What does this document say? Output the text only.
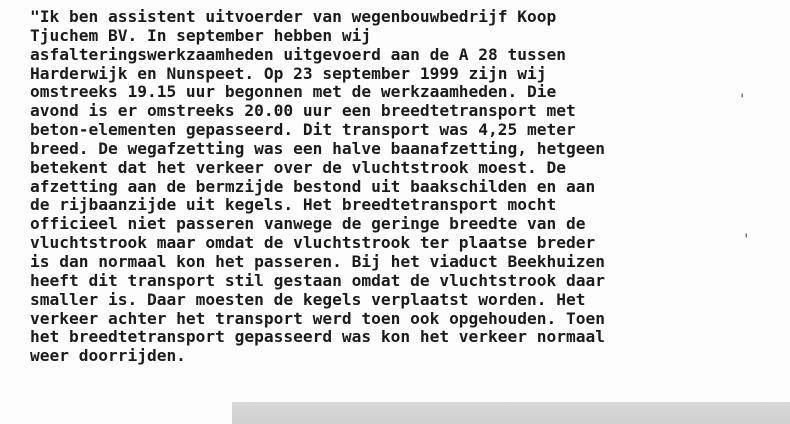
"Ik ben assistent uitvoerder van wegenbouwbedrijf Koop
Tjuchem BV. In september hebben wij
asfalteringswerkzaamheden uitgevoerd aan de A 28 tussen
Harderwijk en Nunspeet. Op 23 september 1999 zijn wij
omstreeks 19.15 uur begonnen met de werkzaamheden. Die
avond is er omstreeks 20.00 uur een breedtetransport met
beton-elementen gepasseerd. Dit transport was 4,25 meter
breed. De wegafzetting was een halve baanafzetting, hetgeen
betekent dat het verkeer over de vluchtstrook moest. De
afzetting aan de bermzijde bestond uit baakschilden en aan
de rijbaanzijde uit kegels. Het breedtetransport mocht
officieel niet passeren vanwege de geringe breedte van de
vluchtstrook maar omdat de vluchtstrook ter plaatse breder
is dan normaal kon het passeren. Bij het viaduct Beekhuizen
heeft dit transport stil gestaan omdat de vluchtstrook daar
smaller is. Daar moesten de kegels verplaatst worden. Het
verkeer achter het transport werd toen ook opgehouden. Toen
het breedtetransport gepasseerd was kon het verkeer normaal
weer doorrijden.
'
'
